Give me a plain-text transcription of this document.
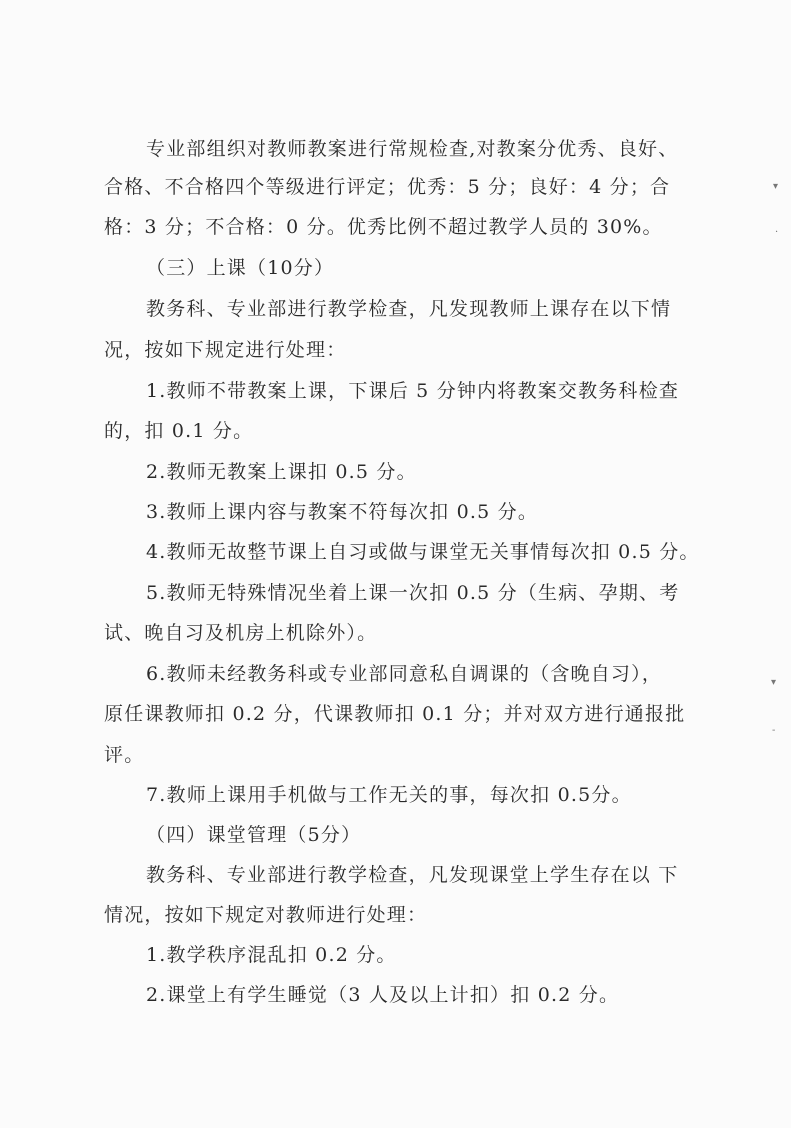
专业部组织对教师教案进行常规检查,对教案分优秀、良好、
合格、不合格四个等级进行评定；优秀：5 分；良好：4 分；合
格：3 分；不合格：0 分。优秀比例不超过教学人员的 30%。
（三）上课（10分）
教务科、专业部进行教学检查，凡发现教师上课存在以下情
况，按如下规定进行处理：
1.教师不带教案上课，下课后 5 分钟内将教案交教务科检查
的，扣 0.1 分。
2.教师无教案上课扣 0.5 分。
3.教师上课内容与教案不符每次扣 0.5 分。
4.教师无故整节课上自习或做与课堂无关事情每次扣 0.5 分。
5.教师无特殊情况坐着上课一次扣 0.5 分（生病、孕期、考
试、晚自习及机房上机除外）。
6.教师未经教务科或专业部同意私自调课的（含晚自习），
原任课教师扣 0.2 分，代课教师扣 0.1 分；并对双方进行通报批
评。
7.教师上课用手机做与工作无关的事，每次扣 0.5分。
（四）课堂管理（5分）
教务科、专业部进行教学检查，凡发现课堂上学生存在以 下
情况，按如下规定对教师进行处理：
1.教学秩序混乱扣 0.2 分。
2.课堂上有学生睡觉（3 人及以上计扣）扣 0.2 分。
▾
·
▾
-
